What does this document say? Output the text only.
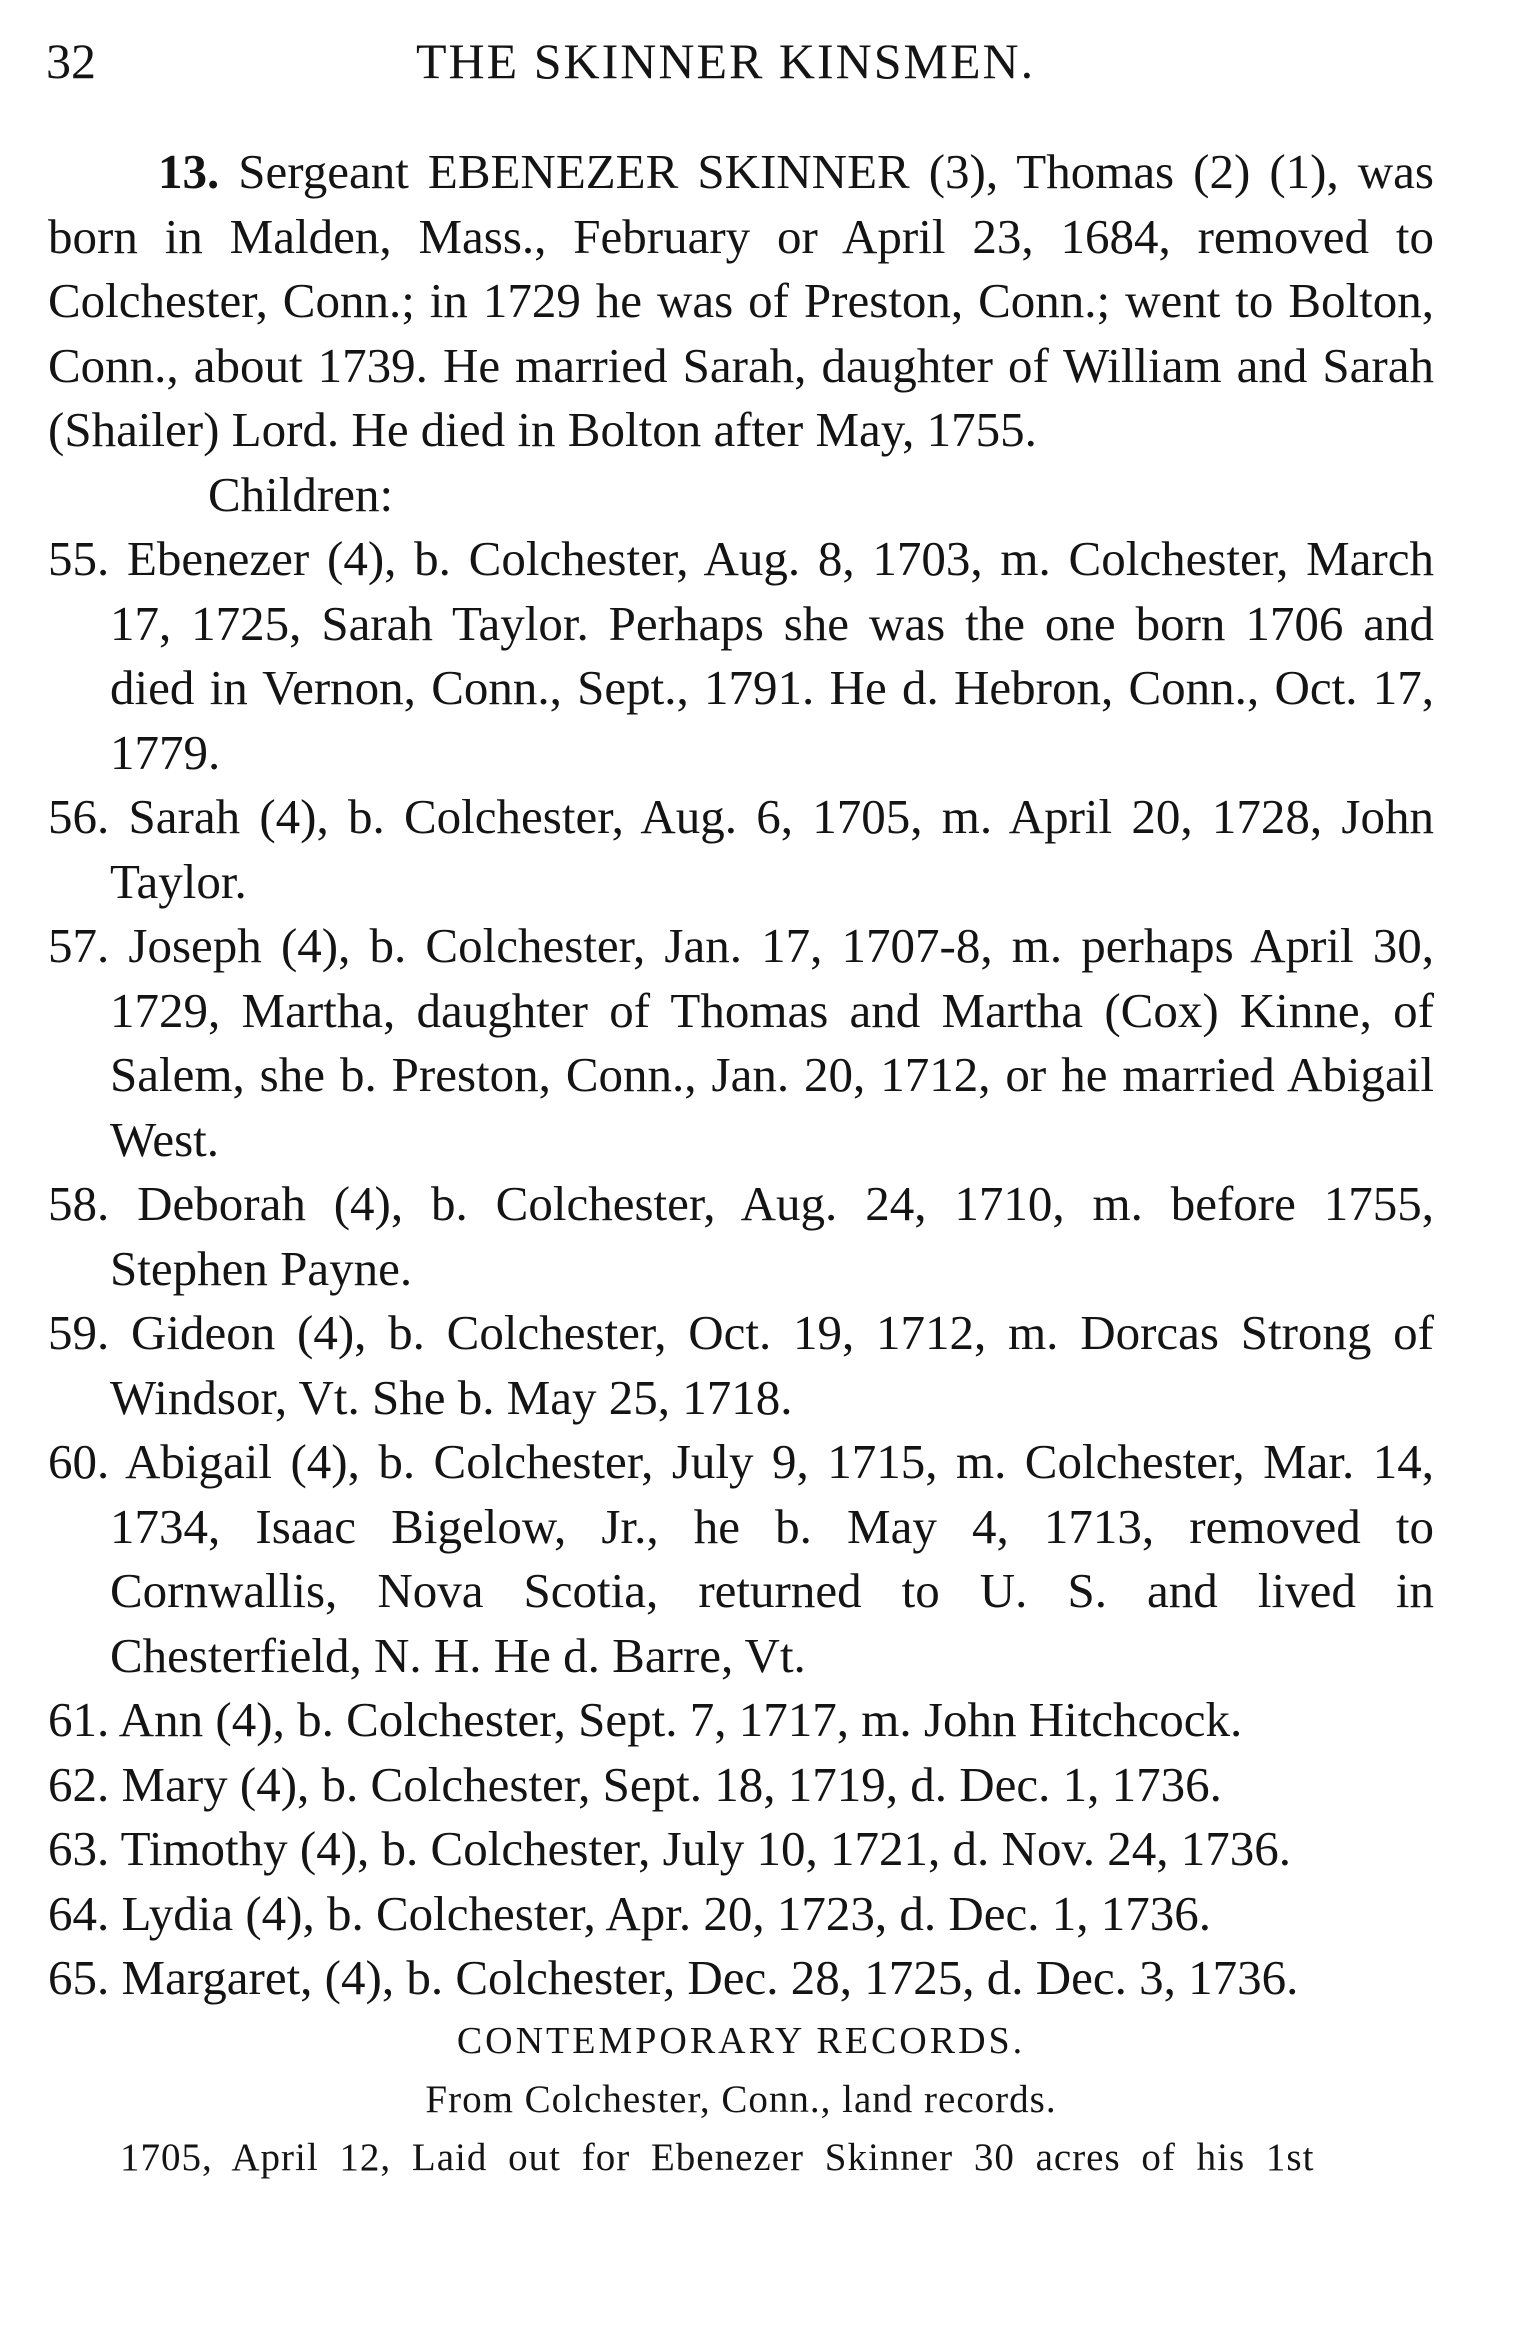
32	THE SKINNER KINSMEN.

13. Sergeant EBENEZER SKINNER (3), Thomas (2) (1), was born in Malden, Mass., February or April 23, 1684, removed to Colchester, Conn.; in 1729 he was of Preston, Conn.; went to Bolton, Conn., about 1739. He married Sarah, daughter of William and Sarah (Shailer) Lord. He died in Bolton after May, 1755.

Children:

55. Ebenezer (4), b. Colchester, Aug. 8, 1703, m. Colchester, March 17, 1725, Sarah Taylor. Perhaps she was the one born 1706 and died in Vernon, Conn., Sept., 1791. He d. Hebron, Conn., Oct. 17, 1779.
56. Sarah (4), b. Colchester, Aug. 6, 1705, m. April 20, 1728, John Taylor.
57. Joseph (4), b. Colchester, Jan. 17, 1707-8, m. perhaps April 30, 1729, Martha, daughter of Thomas and Martha (Cox) Kinne, of Salem, she b. Preston, Conn., Jan. 20, 1712, or he married Abigail West.
58. Deborah (4), b. Colchester, Aug. 24, 1710, m. before 1755, Stephen Payne.
59. Gideon (4), b. Colchester, Oct. 19, 1712, m. Dorcas Strong of Windsor, Vt. She b. May 25, 1718.
60. Abigail (4), b. Colchester, July 9, 1715, m. Colchester, Mar. 14, 1734, Isaac Bigelow, Jr., he b. May 4, 1713, removed to Cornwallis, Nova Scotia, returned to U. S. and lived in Chesterfield, N. H. He d. Barre, Vt.
61. Ann (4), b. Colchester, Sept. 7, 1717, m. John Hitchcock.
62. Mary (4), b. Colchester, Sept. 18, 1719, d. Dec. 1, 1736.
63. Timothy (4), b. Colchester, July 10, 1721, d. Nov. 24, 1736.
64. Lydia (4), b. Colchester, Apr. 20, 1723, d. Dec. 1, 1736.
65. Margaret, (4), b. Colchester, Dec. 28, 1725, d. Dec. 3, 1736.

CONTEMPORARY RECORDS.

From Colchester, Conn., land records.

1705, April 12, Laid out for Ebenezer Skinner 30 acres of his 1st
